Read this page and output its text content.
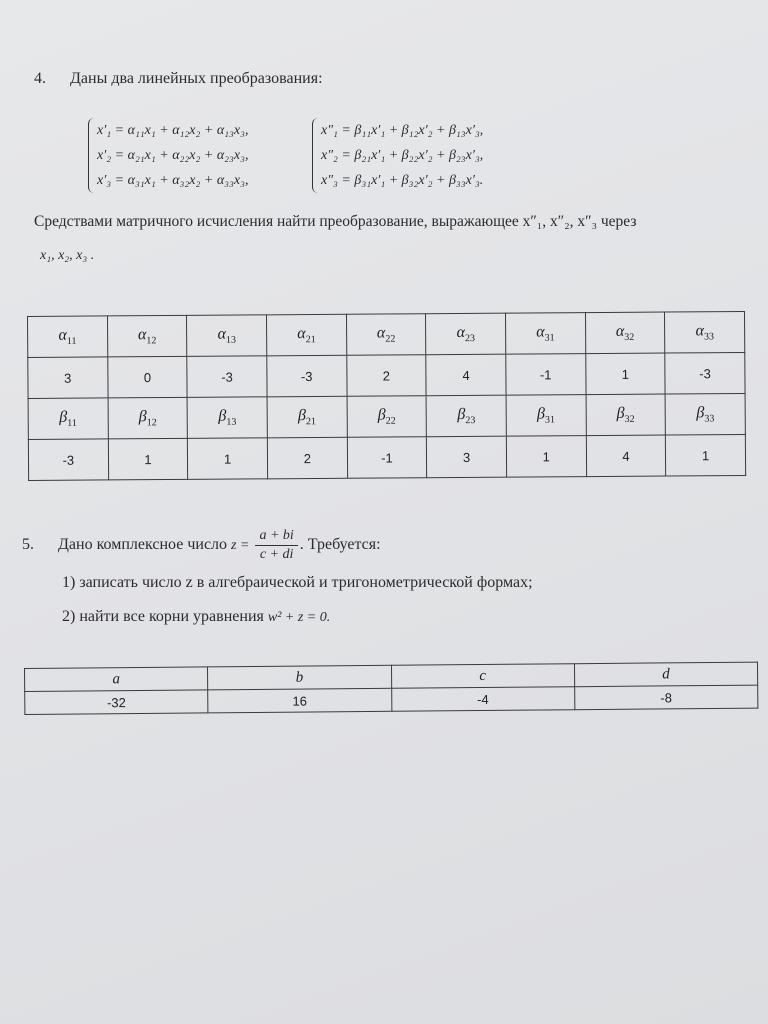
4. Даны два линейных преобразования:
x′₁ = α₁₁x₁ + α₁₂x₂ + α₁₃x₃,
x′₂ = α₂₁x₁ + α₂₂x₂ + α₂₃x₃,
x′₃ = α₃₁x₁ + α₃₂x₂ + α₃₃x₃,
x″₁ = β₁₁x′₁ + β₁₂x′₂ + β₁₃x′₃,
x″₂ = β₂₁x′₁ + β₂₂x′₂ + β₂₃x′₃,
x″₃ = β₃₁x′₁ + β₃₂x′₂ + β₃₃x′₃.
Средствами матричного исчисления найти преобразование, выражающее x″₁, x″₂, x″₃ через
x₁, x₂, x₃ .
$\alpha_{11}$	$\alpha_{12}$	$\alpha_{13}$	$\alpha_{21}$	$\alpha_{22}$	$\alpha_{23}$	$\alpha_{31}$	$\alpha_{32}$	$\alpha_{33}$
3	0	-3	-3	2	4	-1	1	-3
$\beta_{11}$	$\beta_{12}$	$\beta_{13}$	$\beta_{21}$	$\beta_{22}$	$\beta_{23}$	$\beta_{31}$	$\beta_{32}$	$\beta_{33}$
-3	1	1	2	-1	3	1	4	1
5. Дано комплексное число $z = \frac{a + bi}{c + di}$ . Требуется:
1) записать число z в алгебраической и тригонометрической формах;
2) найти все корни уравнения w² + z = 0.
a	b	c	d
-32	16	-4	-8
